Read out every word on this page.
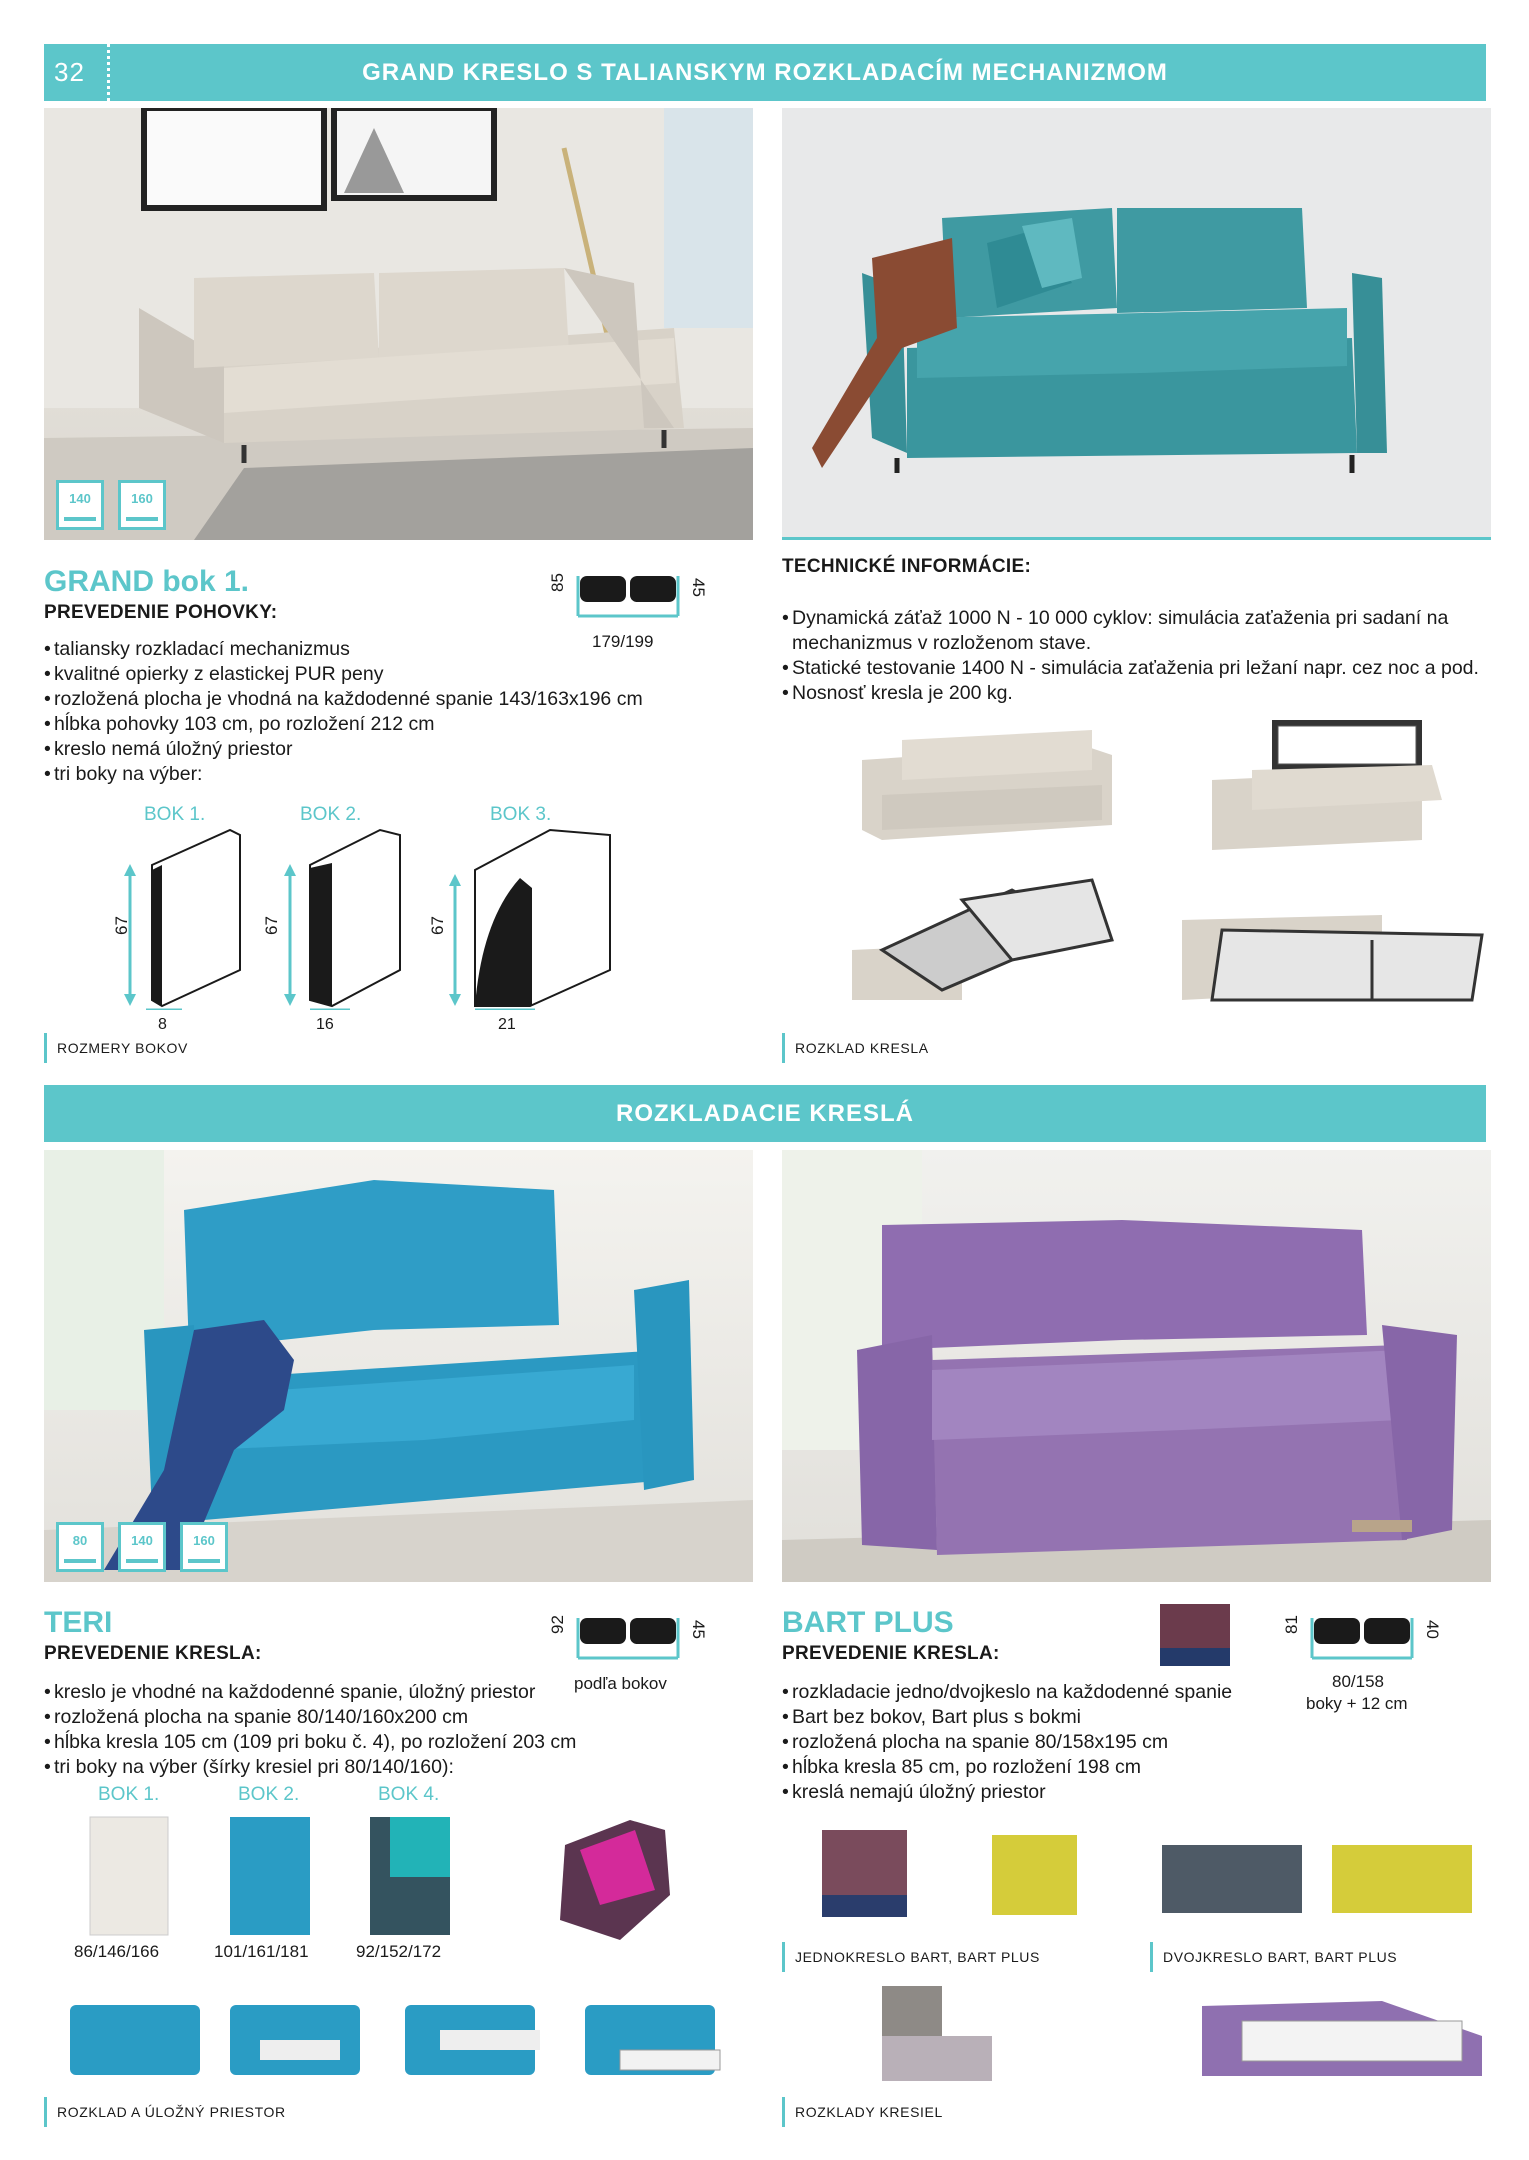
32	GRAND KRESLO S TALIANSKYM ROZKLADACÍM MECHANIZMOM
140	160
GRAND bok 1.
PREVEDENIE POHOVKY:
• taliansky rozkladací mechanizmus
• kvalitné opierky z elastickej PUR peny
• rozložená plocha je vhodná na každodenné spanie 143/163x196 cm
• hĺbka pohovky 103 cm, po rozložení 212 cm
• kreslo nemá úložný priestor
• tri boky na výber:
85	45
179/199
BOK 1.	BOK 2.	BOK 3.
67	67	67
8	16	21
ROZMERY BOKOV
TECHNICKÉ INFORMÁCIE:
• Dynamická záťaž 1000 N - 10 000 cyklov: simulácia zaťaženia pri sadaní na mechanizmus v rozloženom stave.
• Statické testovanie 1400 N - simulácia zaťaženia pri ležaní napr. cez noc a pod.
• Nosnosť kresla je 200 kg.
ROZKLAD KRESLA
ROZKLADACIE KRESLÁ
80	140	160
TERI
PREVEDENIE KRESLA:
• kreslo je vhodné na každodenné spanie, úložný priestor
• rozložená plocha na spanie 80/140/160x200 cm
• hĺbka kresla 105 cm (109 pri boku č. 4), po rozložení 203 cm
• tri boky na výber (šírky kresiel pri 80/140/160):
92	45
podľa bokov
BOK 1.	BOK 2.	BOK 4.
86/146/166	101/161/181	92/152/172
ROZKLAD A ÚLOŽNÝ PRIESTOR
BART PLUS
PREVEDENIE KRESLA:
• rozkladacie jedno/dvojkeslo na každodenné spanie
• Bart bez bokov, Bart plus s bokmi
• rozložená plocha na spanie 80/158x195 cm
• hĺbka kresla 85 cm, po rozložení 198 cm
• kreslá nemajú úložný priestor
81	40
80/158
boky + 12 cm
JEDNOKRESLO BART, BART PLUS	DVOJKRESLO BART, BART PLUS
ROZKLADY KRESIEL
